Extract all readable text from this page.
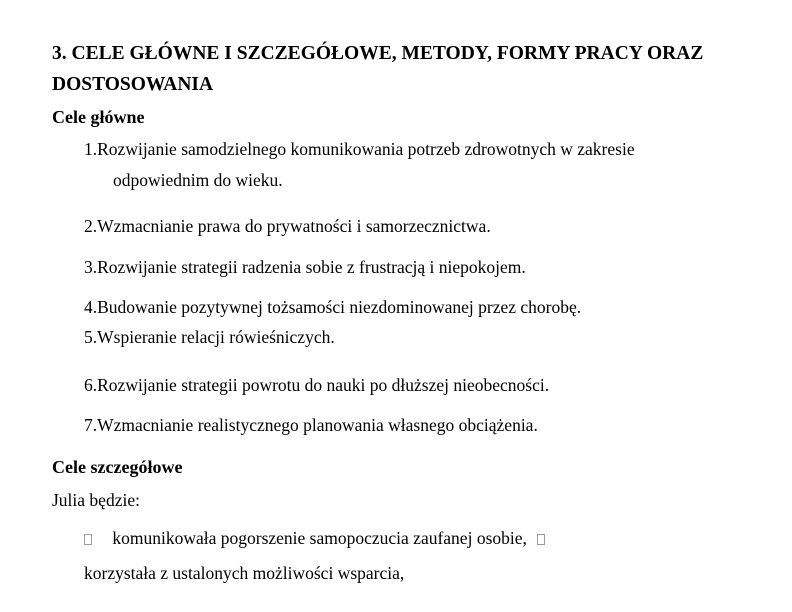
3. CELE GŁÓWNE I SZCZEGÓŁOWE, METODY, FORMY PRACY ORAZ
DOSTOSOWANIA
Cele główne
1.Rozwijanie samodzielnego komunikowania potrzeb zdrowotnych w zakresie
odpowiednim do wieku.
2.Wzmacnianie prawa do prywatności i samorzecznictwa.
3.Rozwijanie strategii radzenia sobie z frustracją i niepokojem.
4.Budowanie pozytywnej tożsamości niezdominowanej przez chorobę.
5.Wspieranie relacji rówieśniczych.
6.Rozwijanie strategii powrotu do nauki po dłuższej nieobecności.
7.Wzmacnianie realistycznego planowania własnego obciążenia.
Cele szczegółowe
Julia będzie:
komunikowała pogorszenie samopoczucia zaufanej osobie,
korzystała z ustalonych możliwości wsparcia,
